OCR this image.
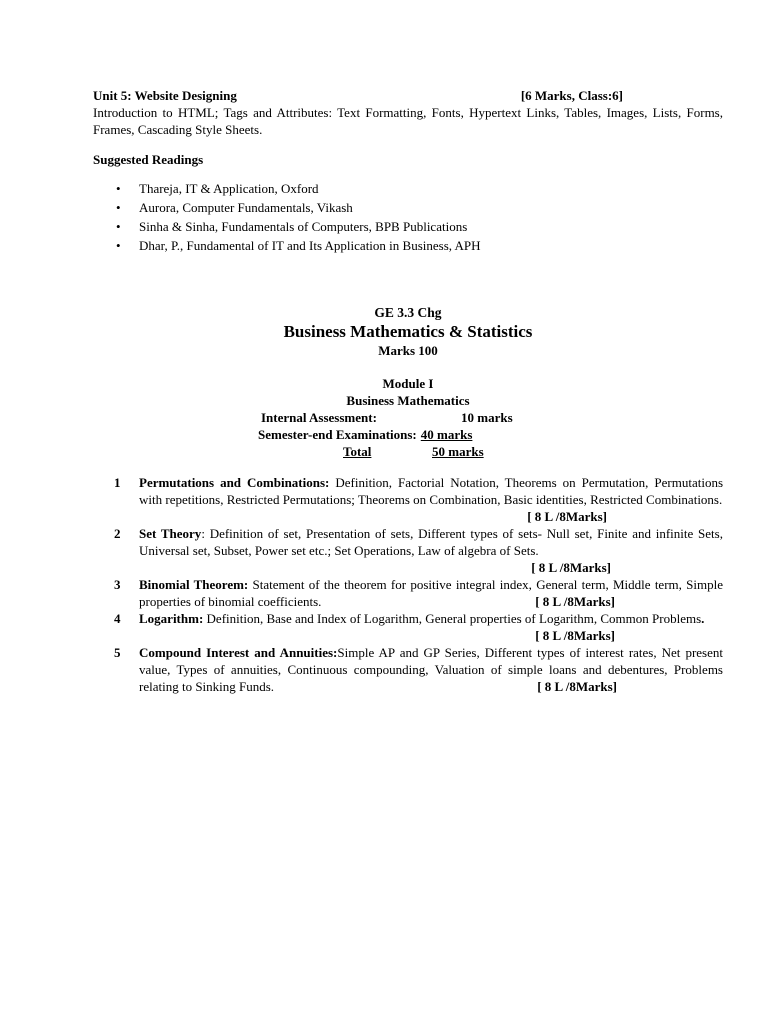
Unit 5: Website Designing	[6 Marks, Class:6]
Introduction to HTML; Tags and Attributes: Text Formatting, Fonts, Hypertext Links, Tables, Images, Lists, Forms, Frames, Cascading Style Sheets.
Suggested Readings
• Thareja, IT & Application, Oxford
• Aurora, Computer Fundamentals, Vikash
• Sinha & Sinha, Fundamentals of Computers, BPB Publications
• Dhar, P., Fundamental of IT and Its Application in Business, APH
GE 3.3 Chg
Business Mathematics & Statistics
Marks 100
Module I
Business Mathematics
Internal Assessment:	10 marks
Semester-end Examinations: 40 marks
Total	50 marks
1	Permutations and Combinations: Definition, Factorial Notation, Theorems on Permutation, Permutations with repetitions, Restricted Permutations; Theorems on Combination, Basic identities, Restricted Combinations.
[ 8 L /8Marks]
2	Set Theory: Definition of set, Presentation of sets, Different types of sets- Null set, Finite and infinite Sets, Universal set, Subset, Power set etc.; Set Operations, Law of algebra of Sets.
[ 8 L /8Marks]
3	Binomial Theorem: Statement of the theorem for positive integral index, General term, Middle term, Simple properties of binomial coefficients.	[ 8 L /8Marks]
4	Logarithm: Definition, Base and Index of Logarithm, General properties of Logarithm, Common Problems.
[ 8 L /8Marks]
5	Compound Interest and Annuities:Simple AP and GP Series, Different types of interest rates, Net present value, Types of annuities, Continuous compounding, Valuation of simple loans and debentures, Problems relating to Sinking Funds.	[ 8 L /8Marks]
